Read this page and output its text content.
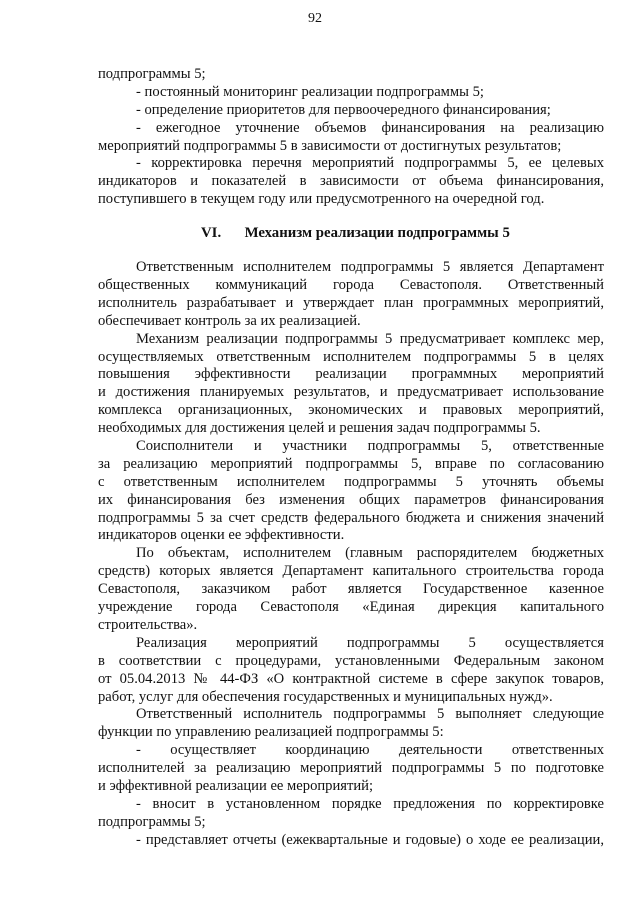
92
подпрограммы 5;
- постоянный мониторинг реализации подпрограммы 5;
- определение приоритетов для первоочередного финансирования;
- ежегодное уточнение объемов финансирования на реализацию
мероприятий подпрограммы 5 в зависимости от достигнутых результатов;
- корректировка перечня мероприятий подпрограммы 5, ее целевых
индикаторов и показателей в зависимости от объема финансирования,
поступившего в текущем году или предусмотренного на очередной год.
VI. Механизм реализации подпрограммы 5
Ответственным исполнителем подпрограммы 5 является Департамент
общественных коммуникаций города Севастополя. Ответственный
исполнитель разрабатывает и утверждает план программных мероприятий,
обеспечивает контроль за их реализацией.
Механизм реализации подпрограммы 5 предусматривает комплекс мер,
осуществляемых ответственным исполнителем подпрограммы 5 в целях
повышения эффективности реализации программных мероприятий
и достижения планируемых результатов, и предусматривает использование
комплекса организационных, экономических и правовых мероприятий,
необходимых для достижения целей и решения задач подпрограммы 5.
Соисполнители и участники подпрограммы 5, ответственные
за реализацию мероприятий подпрограммы 5, вправе по согласованию
с ответственным исполнителем подпрограммы 5 уточнять объемы
их финансирования без изменения общих параметров финансирования
подпрограммы 5 за счет средств федерального бюджета и снижения значений
индикаторов оценки ее эффективности.
По объектам, исполнителем (главным распорядителем бюджетных
средств) которых является Департамент капитального строительства города
Севастополя, заказчиком работ является Государственное казенное
учреждение города Севастополя «Единая дирекция капитального
строительства».
Реализация мероприятий подпрограммы 5 осуществляется
в соответствии с процедурами, установленными Федеральным законом
от 05.04.2013 № 44-ФЗ «О контрактной системе в сфере закупок товаров,
работ, услуг для обеспечения государственных и муниципальных нужд».
Ответственный исполнитель подпрограммы 5 выполняет следующие
функции по управлению реализацией подпрограммы 5:
- осуществляет координацию деятельности ответственных
исполнителей за реализацию мероприятий подпрограммы 5 по подготовке
и эффективной реализации ее мероприятий;
- вносит в установленном порядке предложения по корректировке
подпрограммы 5;
- представляет отчеты (ежеквартальные и годовые) о ходе ее реализации,
